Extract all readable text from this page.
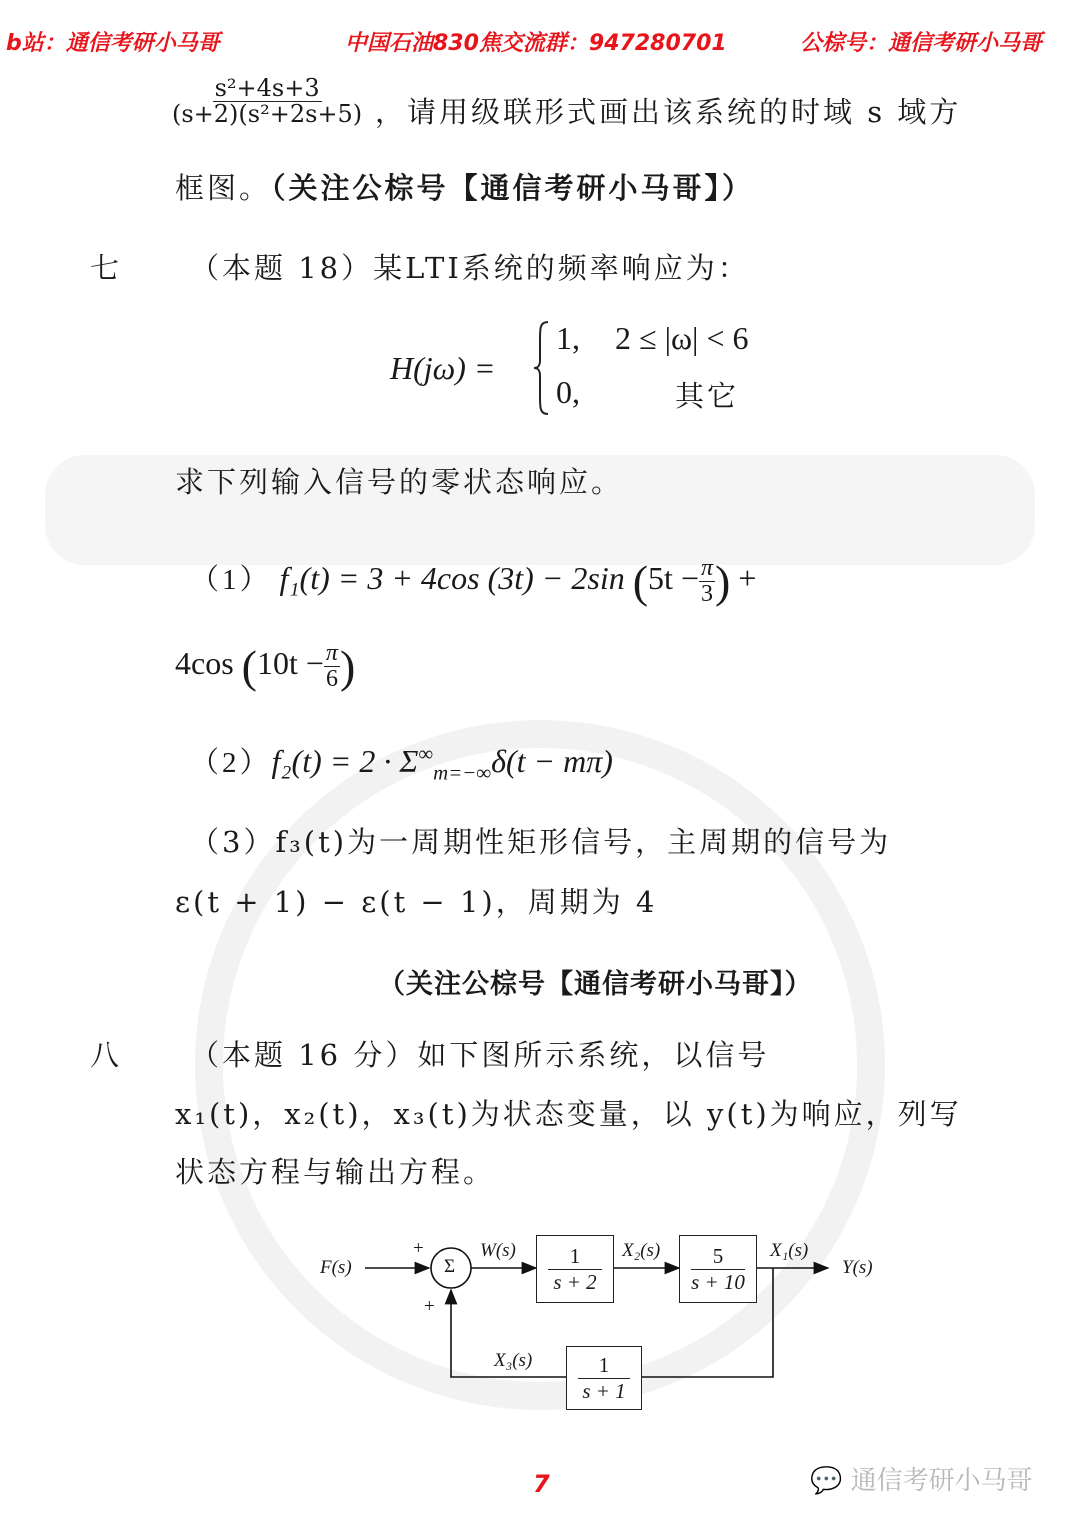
b站：通信考研小马哥	中国石油830焦交流群：947280701	公棕号：通信考研小马哥
$\frac{\text{s²+4s+3}}{\text{(s+2)(s²+2s+5)}}$ ，请用级联形式画出该系统的时域 s 域方
框图。（关注公棕号【通信考研小马哥】）
七 （本题 18）某LTI系统的频率响应为：
H(jω) =
1, 2 ≤ |ω| < 6
0,	其它
求下列输入信号的零状态响应。
（1） f₁(t) = 3 + 4cos (3t) − 2sin ($5t - \frac{\pi}{3}$ ) +
4cos ($10t - \frac{\pi}{6}$ )
$(2)f_2(t) = 2 \cdot \Sigma^\infty_{m=-\infty}\delta(t - m\pi)$
（3）f₃(t)为一周期性矩形信号，主周期的信号为
ε(t + 1) − ε(t − 1)，周期为 4
（关注公棕号【通信考研小马哥】）
八 （本题 16 分）如下图所示系统，以信号
x₁(t)，x₂(t)，x₃(t)为状态变量，以 y(t)为响应，列写
状态方程与输出方程。
F(s)
+
+
Σ
W(s)	X₂(s)	X₁(s)
Y(s)
X₃(s)
1
s + 2
5
s + 10
1
s + 1
7	💬 通信考研小马哥
